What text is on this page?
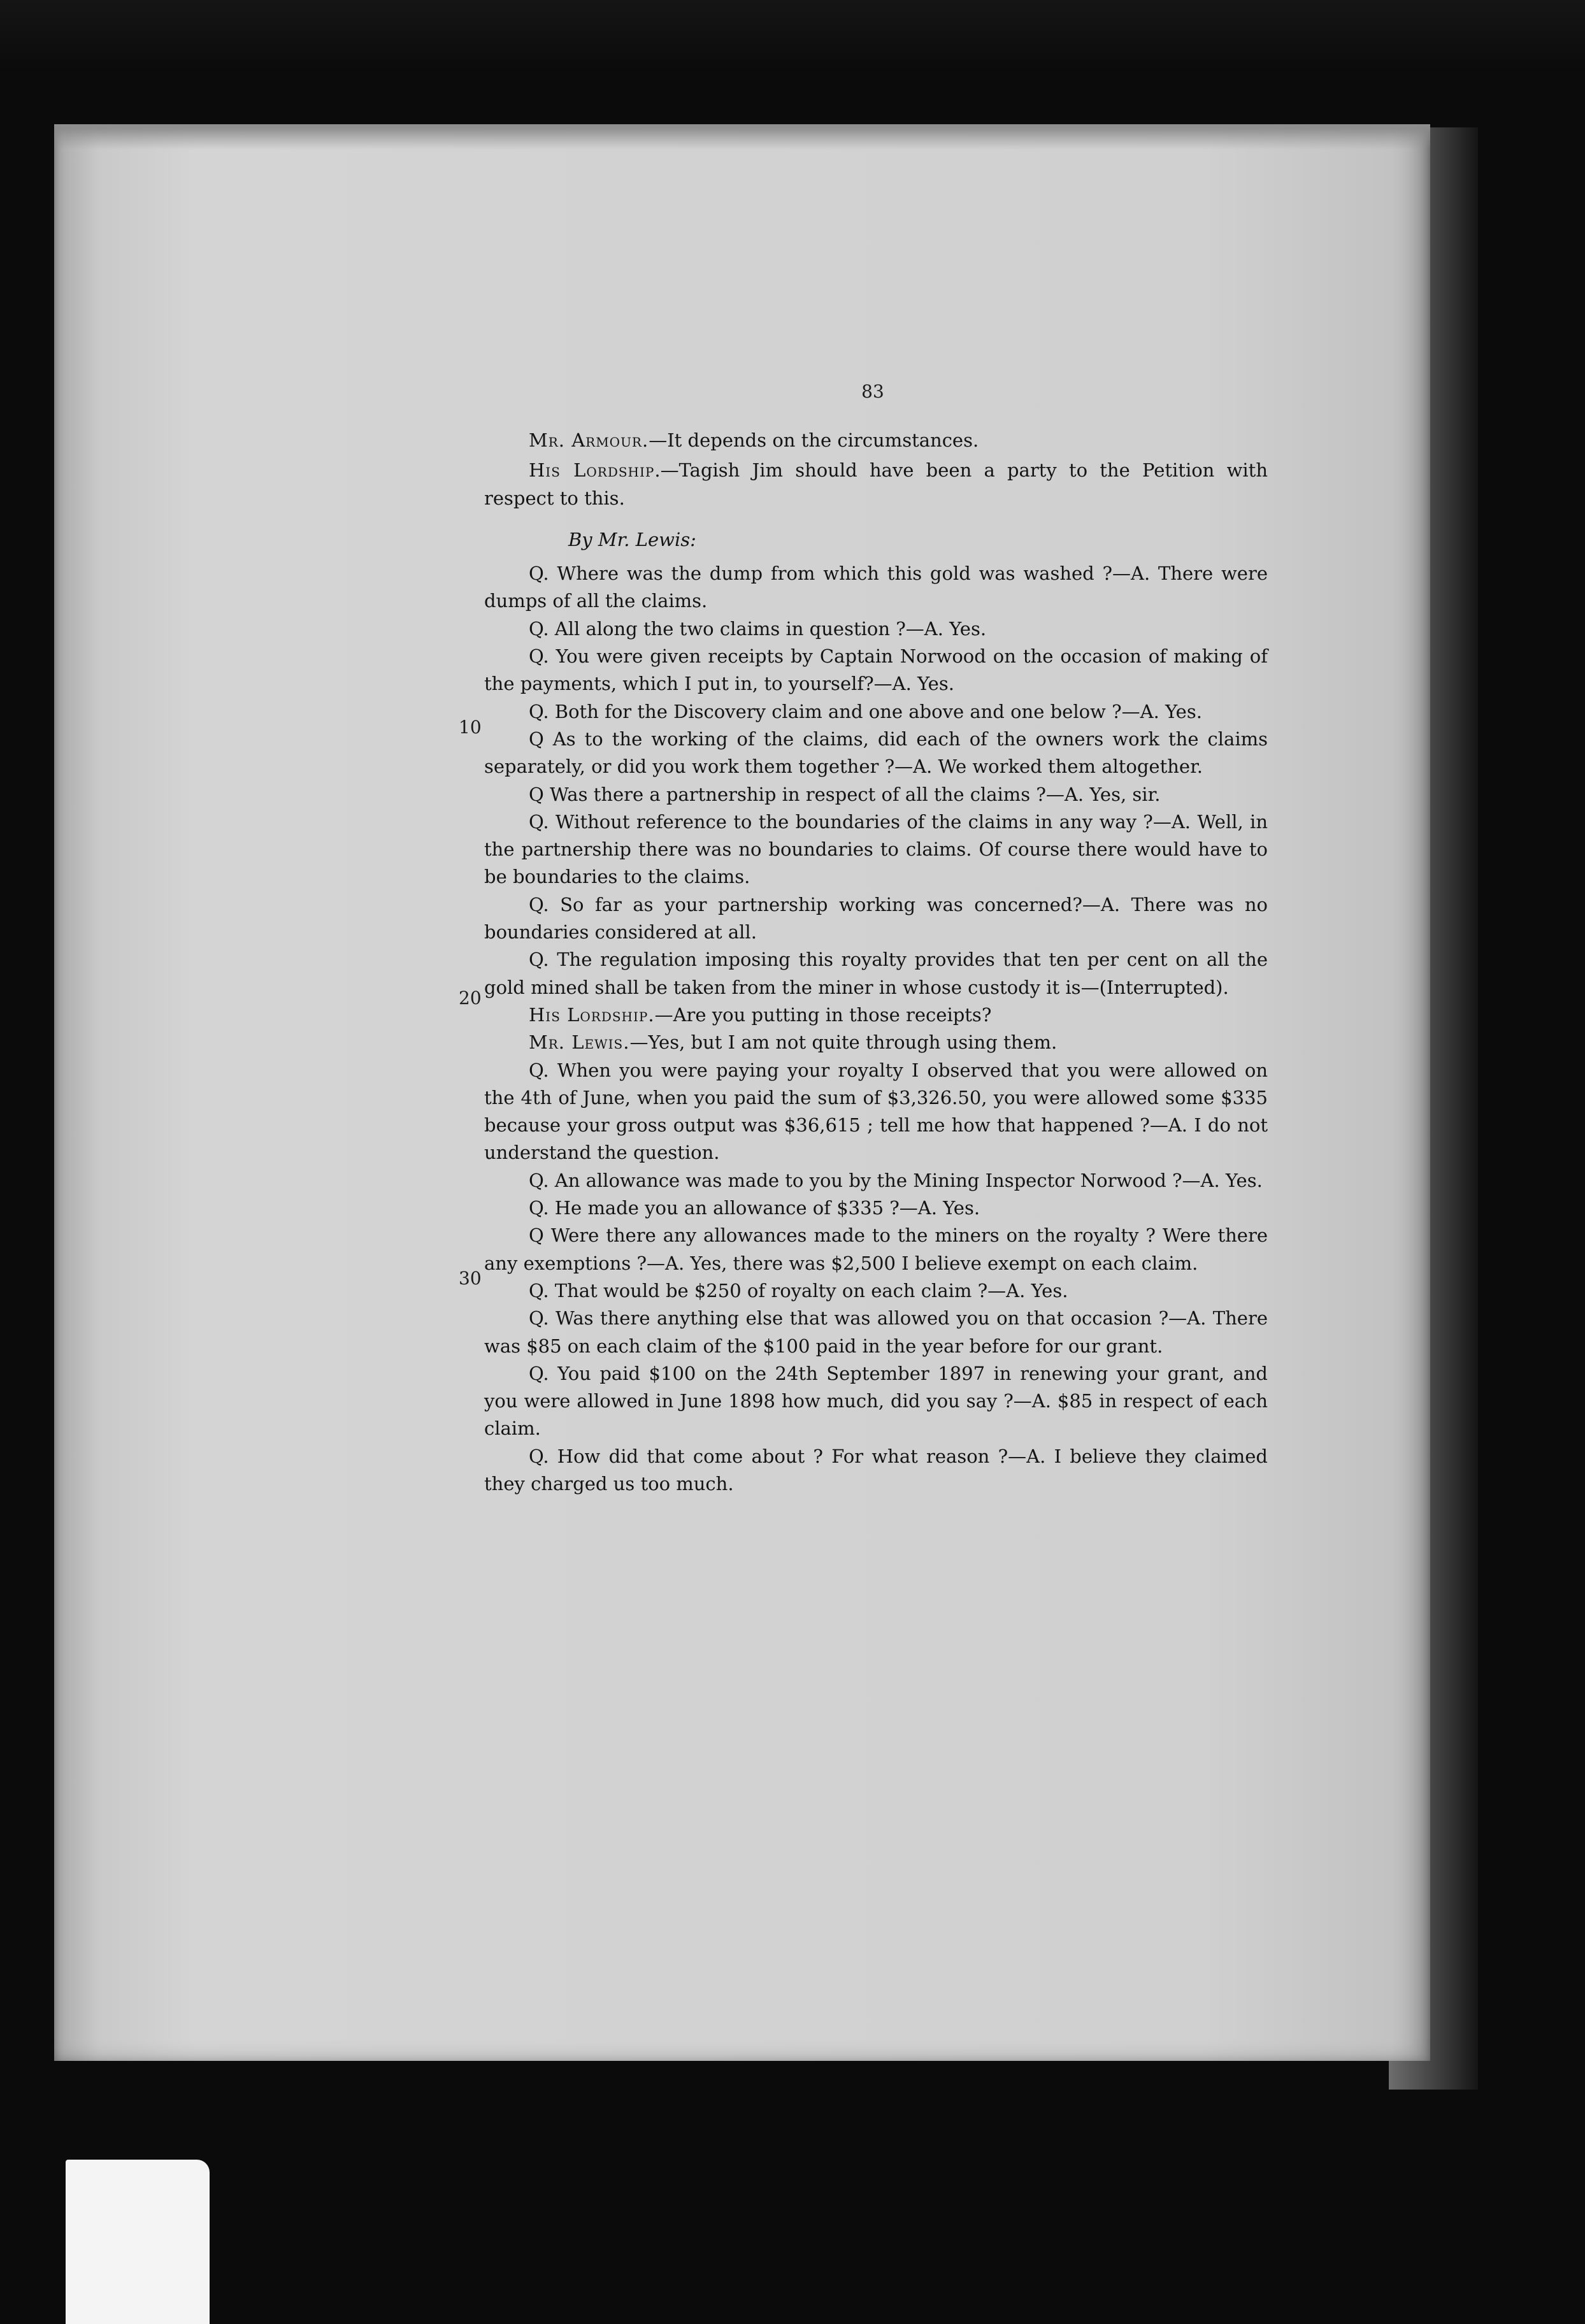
83
10
20
30

Mr. Armour.—It depends on the circumstances.

His Lordship.—Tagish Jim should have been a party to the Petition with respect to this.

By Mr. Lewis:

Q. Where was the dump from which this gold was washed ?—A. There were dumps of all the claims.

Q. All along the two claims in question ?—A. Yes.

Q. You were given receipts by Captain Norwood on the occasion of making of the payments, which I put in, to yourself?—A. Yes.

Q. Both for the Discovery claim and one above and one below ?—A. Yes.

Q As to the working of the claims, did each of the owners work the claims separately, or did you work them together ?—A. We worked them altogether.

Q Was there a partnership in respect of all the claims ?—A. Yes, sir.

Q. Without reference to the boundaries of the claims in any way ?—A. Well, in the partnership there was no boundaries to claims. Of course there would have to be boundaries to the claims.

Q. So far as your partnership working was concerned?—A. There was no boundaries considered at all.

Q. The regulation imposing this royalty provides that ten per cent on all the gold mined shall be taken from the miner in whose custody it is—(Interrupted).

His Lordship.—Are you putting in those receipts?

Mr. Lewis.—Yes, but I am not quite through using them.

Q. When you were paying your royalty I observed that you were allowed on the 4th of June, when you paid the sum of $3,326.50, you were allowed some $335 because your gross output was $36,615 ; tell me how that happened ?—A. I do not understand the question.

Q. An allowance was made to you by the Mining Inspector Norwood ?—A. Yes.

Q. He made you an allowance of $335 ?—A. Yes.

Q Were there any allowances made to the miners on the royalty ? Were there any exemptions ?—A. Yes, there was $2,500 I believe exempt on each claim.

Q. That would be $250 of royalty on each claim ?—A. Yes.

Q. Was there anything else that was allowed you on that occasion ?—A. There was $85 on each claim of the $100 paid in the year before for our grant.

Q. You paid $100 on the 24th September 1897 in renewing your grant, and you were allowed in June 1898 how much, did you say ?—A. $85 in respect of each claim.

Q. How did that come about ? For what reason ?—A. I believe they claimed they charged us too much.
